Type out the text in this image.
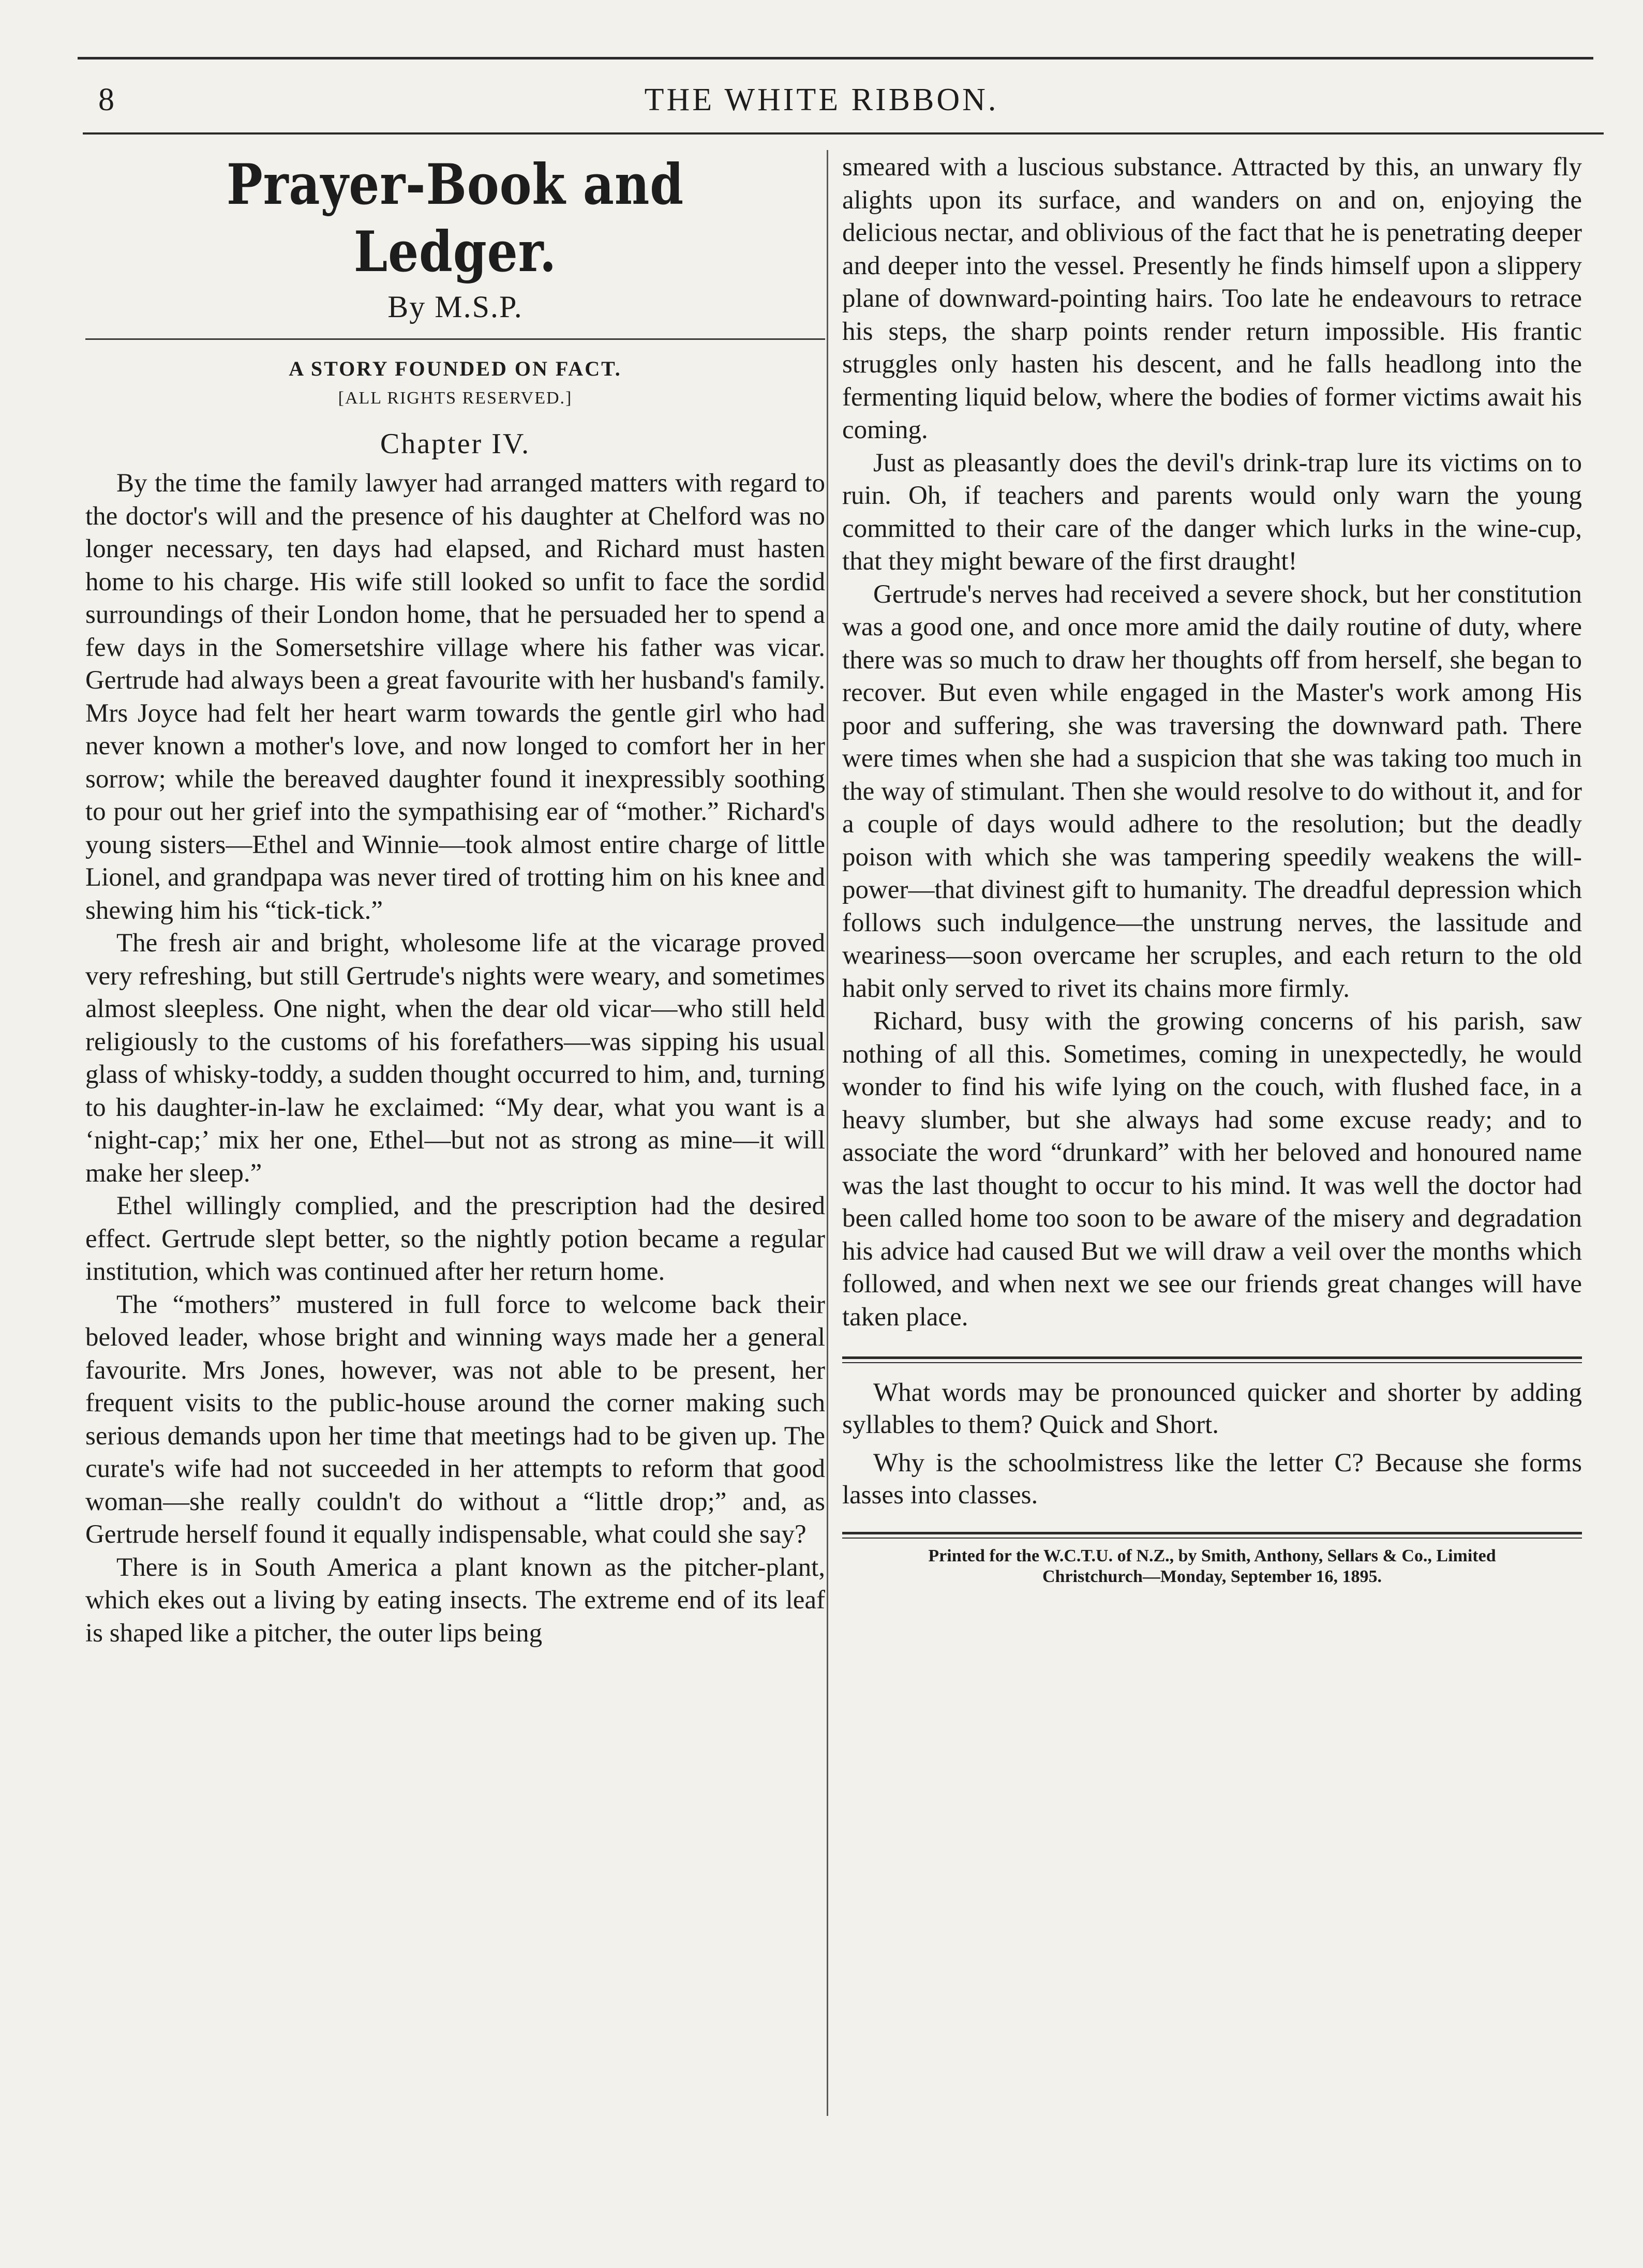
8	THE WHITE RIBBON.
Prayer-Book and Ledger.
By M.S.P.
A STORY FOUNDED ON FACT.
[ALL RIGHTS RESERVED.]
Chapter IV.

By the time the family lawyer had arranged matters with regard to the doctor's will and the presence of his daughter at Chelford was no longer necessary, ten days had elapsed, and Richard must hasten home to his charge. His wife still looked so unfit to face the sordid surroundings of their London home, that he persuaded her to spend a few days in the Somersetshire village where his father was vicar. Gertrude had always been a great favourite with her husband's family. Mrs Joyce had felt her heart warm towards the gentle girl who had never known a mother's love, and now longed to comfort her in her sorrow; while the bereaved daughter found it inexpressibly soothing to pour out her grief into the sympathising ear of “mother.” Richard's young sisters—Ethel and Winnie—took almost entire charge of little Lionel, and grandpapa was never tired of trotting him on his knee and shewing him his “tick-tick.”

The fresh air and bright, wholesome life at the vicarage proved very refreshing, but still Gertrude's nights were weary, and sometimes almost sleepless. One night, when the dear old vicar—who still held religiously to the customs of his forefathers—was sipping his usual glass of whisky-toddy, a sudden thought occurred to him, and, turning to his daughter-in-law he exclaimed: “My dear, what you want is a ‘night-cap;’ mix her one, Ethel—but not as strong as mine—it will make her sleep.”

Ethel willingly complied, and the prescription had the desired effect. Gertrude slept better, so the nightly potion became a regular institution, which was continued after her return home.

The “mothers” mustered in full force to welcome back their beloved leader, whose bright and winning ways made her a general favourite. Mrs Jones, however, was not able to be present, her frequent visits to the public-house around the corner making such serious demands upon her time that meetings had to be given up. The curate's wife had not succeeded in her attempts to reform that good woman—she really couldn't do without a “little drop;” and, as Gertrude herself found it equally indispensable, what could she say?

There is in South America a plant known as the pitcher-plant, which ekes out a living by eating insects. The extreme end of its leaf is shaped like a pitcher, the outer lips being

smeared with a luscious substance. Attracted by this, an unwary fly alights upon its surface, and wanders on and on, enjoying the delicious nectar, and oblivious of the fact that he is penetrating deeper and deeper into the vessel. Presently he finds himself upon a slippery plane of downward-pointing hairs. Too late he endeavours to retrace his steps, the sharp points render return impossible. His frantic struggles only hasten his descent, and he falls headlong into the fermenting liquid below, where the bodies of former victims await his coming.

Just as pleasantly does the devil's drink-trap lure its victims on to ruin. Oh, if teachers and parents would only warn the young committed to their care of the danger which lurks in the wine-cup, that they might beware of the first draught!

Gertrude's nerves had received a severe shock, but her constitution was a good one, and once more amid the daily routine of duty, where there was so much to draw her thoughts off from herself, she began to recover. But even while engaged in the Master's work among His poor and suffering, she was traversing the downward path. There were times when she had a suspicion that she was taking too much in the way of stimulant. Then she would resolve to do without it, and for a couple of days would adhere to the resolution; but the deadly poison with which she was tampering speedily weakens the will-power—that divinest gift to humanity. The dreadful depression which follows such indulgence—the unstrung nerves, the lassitude and weariness—soon overcame her scruples, and each return to the old habit only served to rivet its chains more firmly.

Richard, busy with the growing concerns of his parish, saw nothing of all this. Sometimes, coming in unexpectedly, he would wonder to find his wife lying on the couch, with flushed face, in a heavy slumber, but she always had some excuse ready; and to associate the word “drunkard” with her beloved and honoured name was the last thought to occur to his mind. It was well the doctor had been called home too soon to be aware of the misery and degradation his advice had caused But we will draw a veil over the months which followed, and when next we see our friends great changes will have taken place.

What words may be pronounced quicker and shorter by adding syllables to them? Quick and Short.

Why is the schoolmistress like the letter C? Because she forms lasses into classes.

Printed for the W.C.T.U. of N.Z., by Smith, Anthony, Sellars & Co., Limited
Christchurch—Monday, September 16, 1895.
